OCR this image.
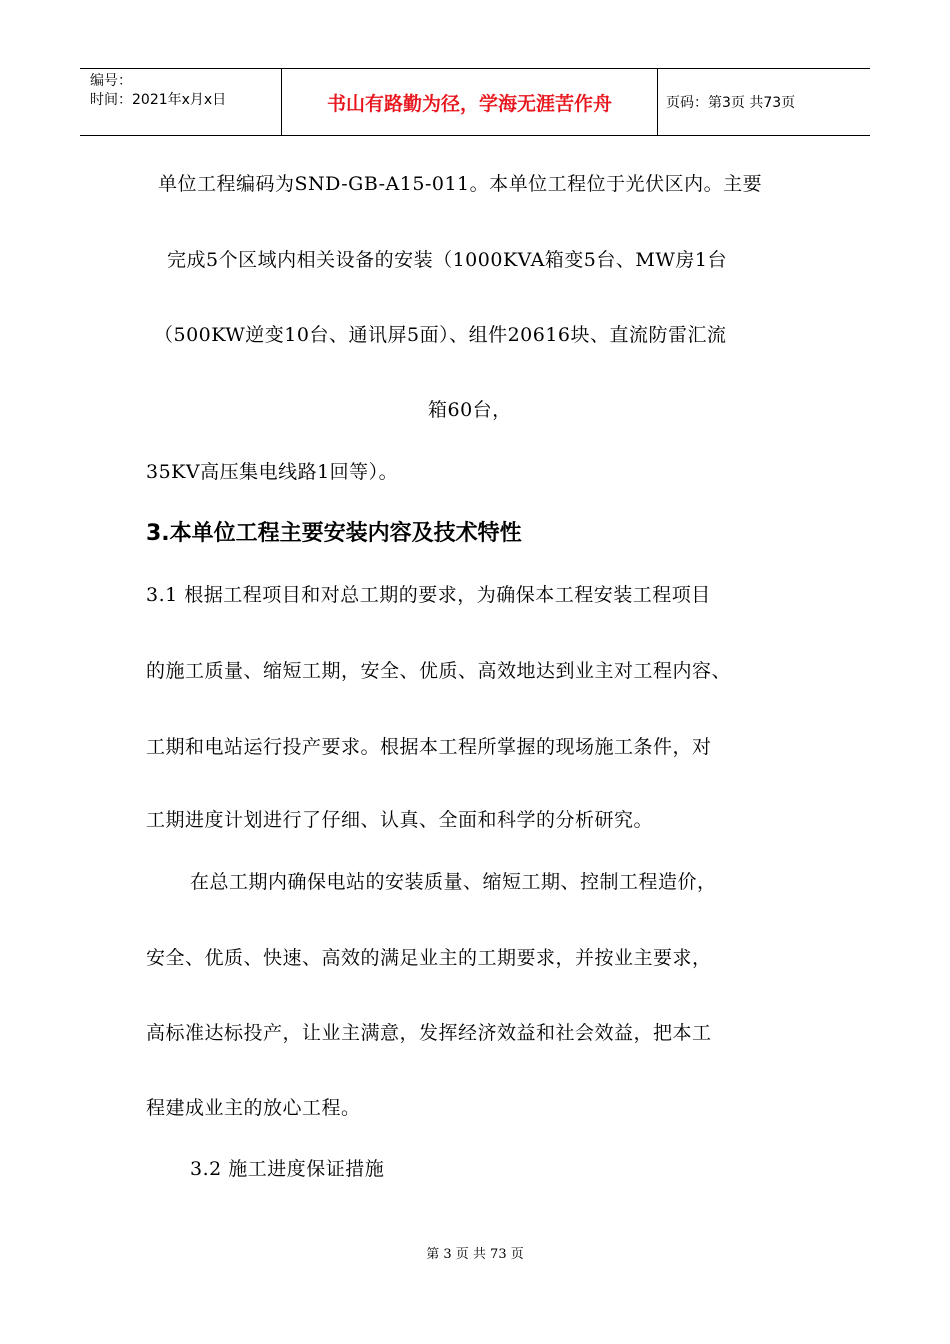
编号：
时间：2021年x月x日	书山有路勤为径，学海无涯苦作舟	页码：第3页 共73页
单位工程编码为SND-GB-A15-011。本单位工程位于光伏区内。主要
完成5个区域内相关设备的安装（1000KVA箱变5台、MW房1台
（500KW逆变10台、通讯屏5面）、组件20616块、直流防雷汇流
箱60台，
35KV高压集电线路1回等）。
3.本单位工程主要安装内容及技术特性
3.1 根据工程项目和对总工期的要求，为确保本工程安装工程项目
的施工质量、缩短工期，安全、优质、高效地达到业主对工程内容、
工期和电站运行投产要求。根据本工程所掌握的现场施工条件，对
工期进度计划进行了仔细、认真、全面和科学的分析研究。
在总工期内确保电站的安装质量、缩短工期、控制工程造价，
安全、优质、快速、高效的满足业主的工期要求，并按业主要求，
高标准达标投产，让业主满意，发挥经济效益和社会效益，把本工
程建成业主的放心工程。
3.2 施工进度保证措施
第 3 页 共 73 页
